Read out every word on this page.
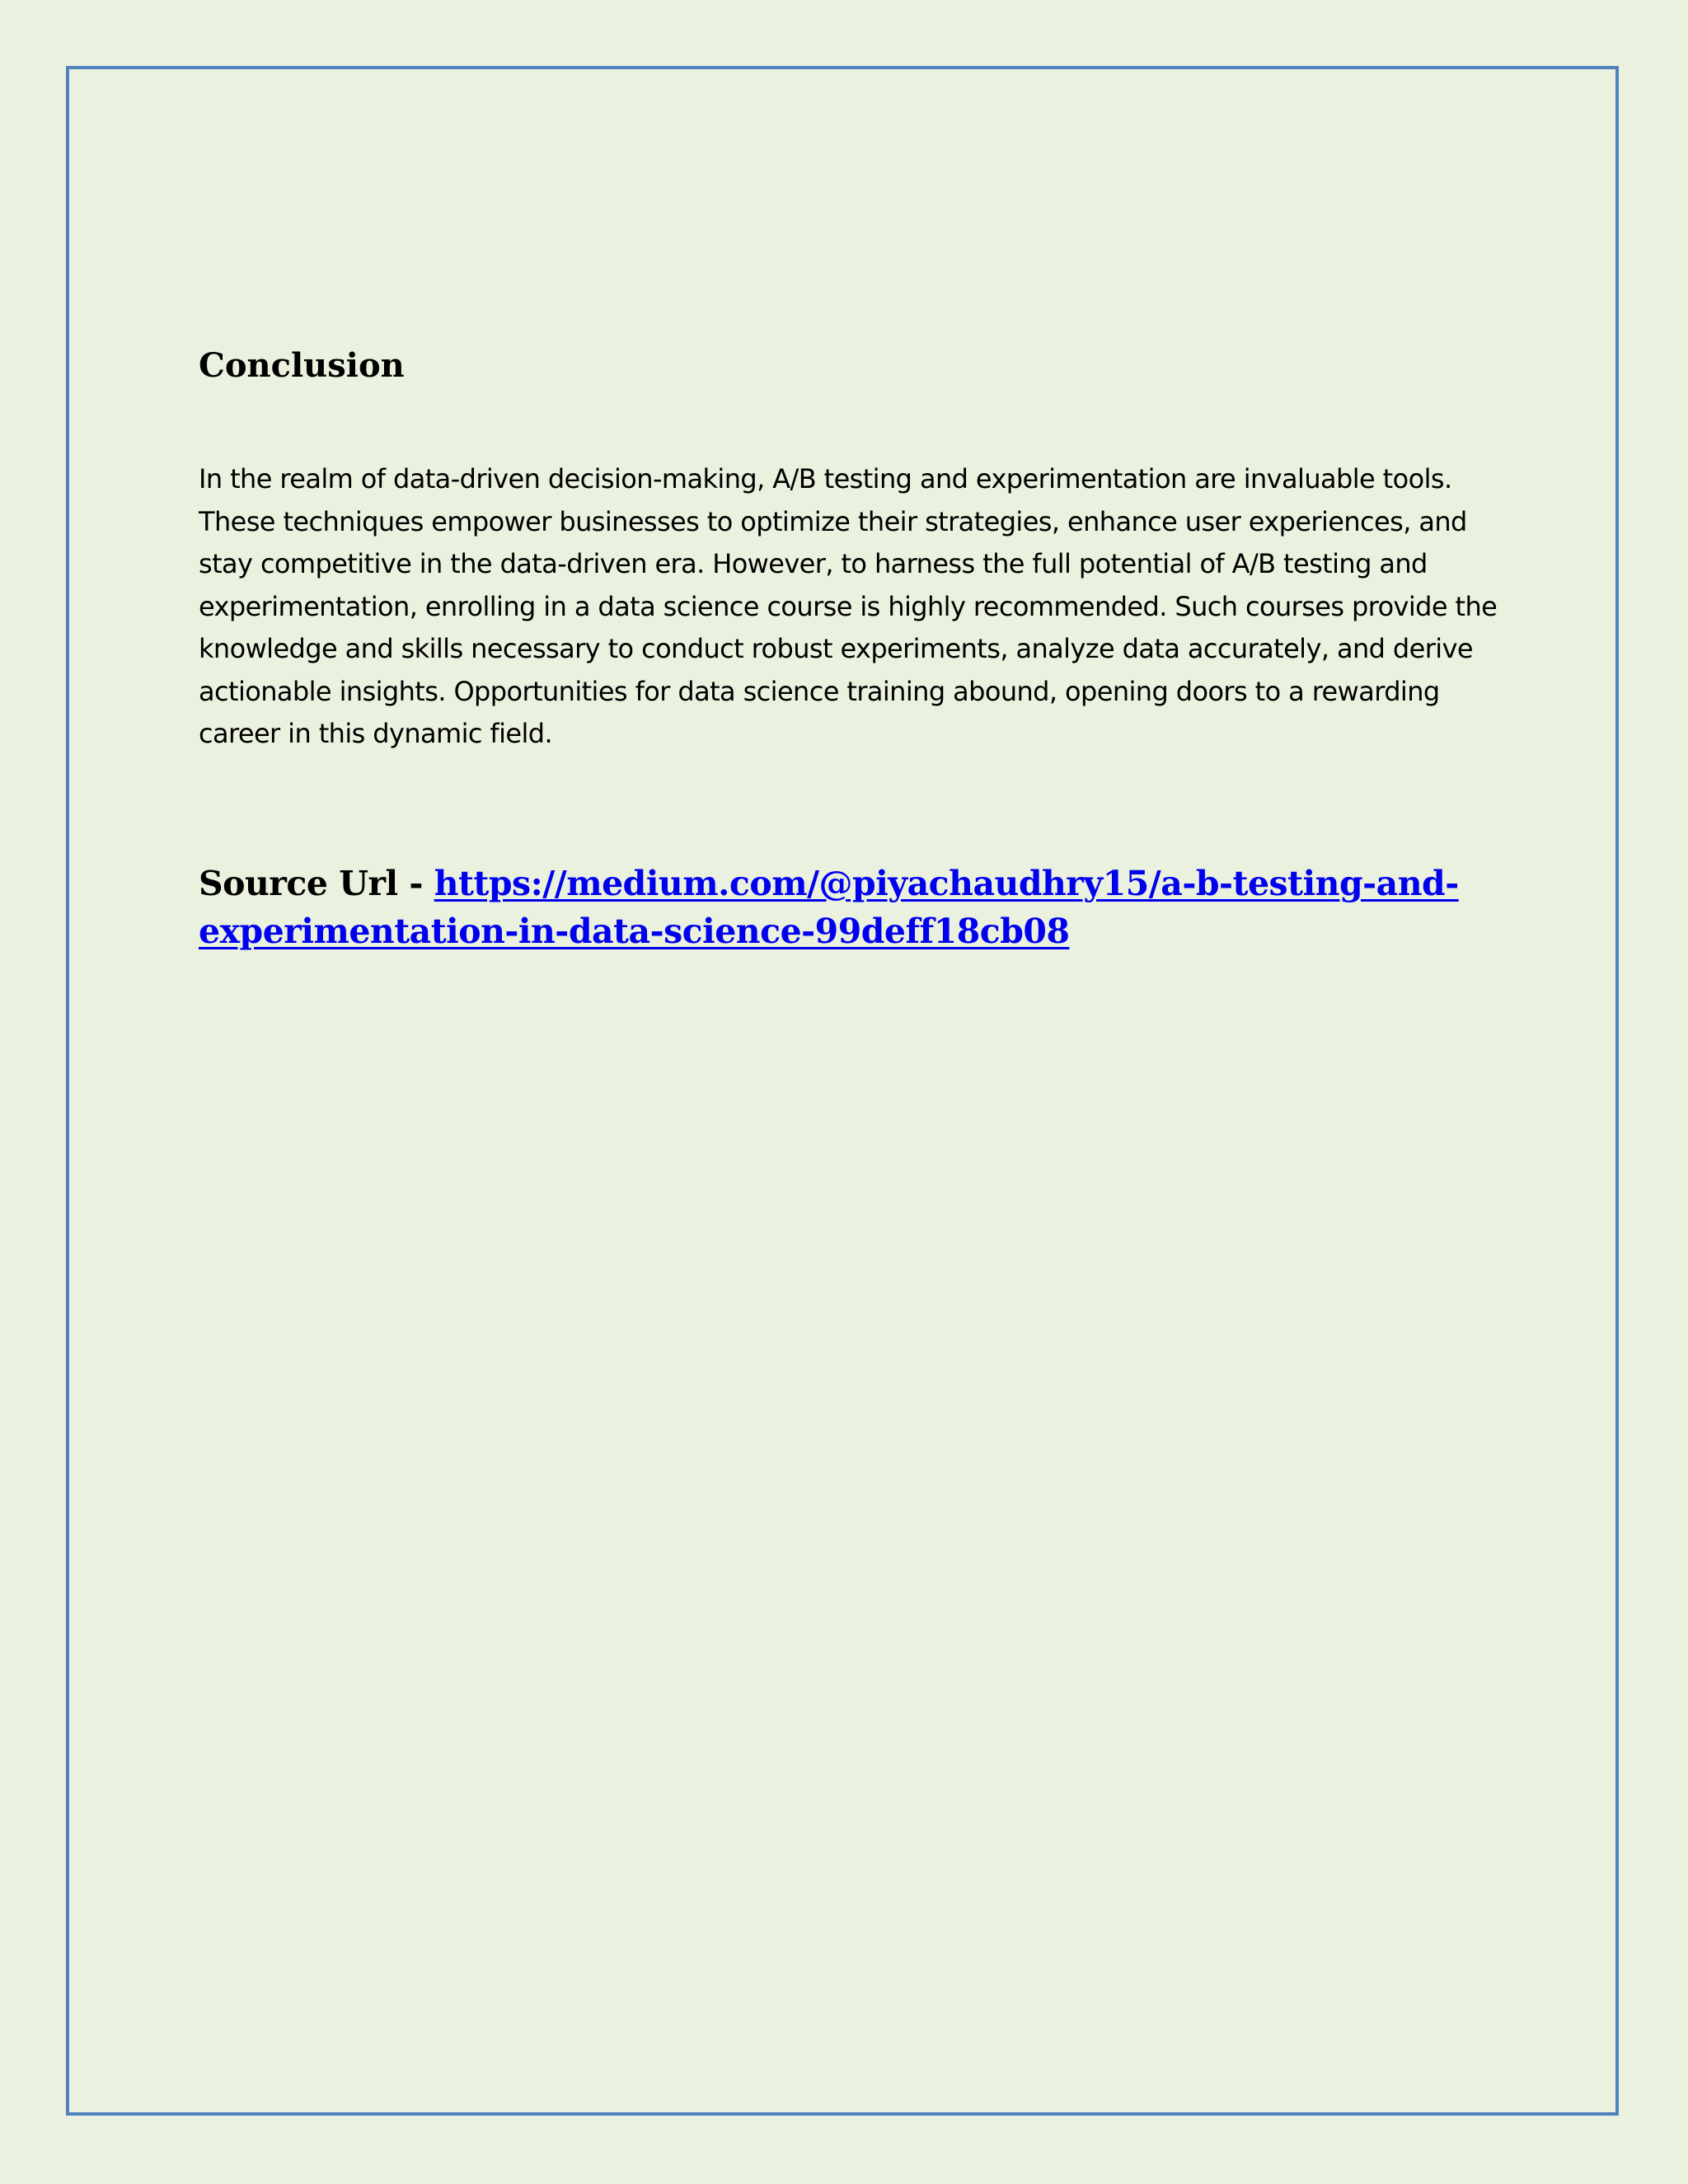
Conclusion

In the realm of data-driven decision-making, A/B testing and experimentation are invaluable tools. These techniques empower businesses to optimize their strategies, enhance user experiences, and stay competitive in the data-driven era. However, to harness the full potential of A/B testing and experimentation, enrolling in a data science course is highly recommended. Such courses provide the knowledge and skills necessary to conduct robust experiments, analyze data accurately, and derive actionable insights. Opportunities for data science training abound, opening doors to a rewarding career in this dynamic field.

Source Url - https://medium.com/@piyachaudhry15/a-b-testing-and-experimentation-in-data-science-99deff18cb08
